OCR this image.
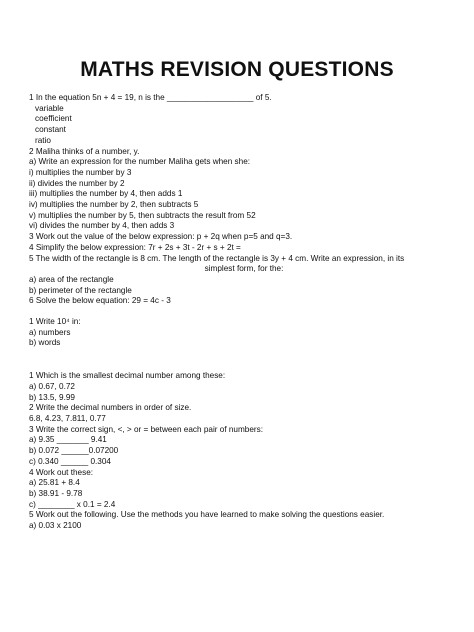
MATHS REVISION QUESTIONS
1 In the equation 5n + 4 = 19, n is the ___________________ of 5.
variable
coefficient
constant
ratio
2 Maliha thinks of a number, y.
a) Write an expression for the number Maliha gets when she:
i) multiplies the number by 3
ii) divides the number by 2
iii) multiplies the number by 4, then adds 1
iv) multiplies the number by 2, then subtracts 5
v) multiplies the number by 5, then subtracts the result from 52
vi) divides the number by 4, then adds 3
3 Work out the value of the below expression: p + 2q when p=5 and q=3.
4 Simplify the below expression: 7r + 2s + 3t - 2r + s + 2t =
5 The width of the rectangle is 8 cm. The length of the rectangle is 3y + 4 cm. Write an expression, in its
simplest form, for the:
a) area of the rectangle
b) perimeter of the rectangle
6 Solve the below equation: 29 = 4c - 3
1 Write 10⁴ in:
a) numbers
b) words
1 Which is the smallest decimal number among these:
a) 0.67, 0.72
b) 13.5, 9.99
2 Write the decimal numbers in order of size.
6.8, 4.23, 7.811, 0.77
3 Write the correct sign, <, > or = between each pair of numbers:
a) 9.35 _______ 9.41
b) 0.072 ______0.07200
c) 0.340 ______ 0.304
4 Work out these:
a) 25.81 + 8.4
b) 38.91 - 9.78
c) ________ x 0.1 = 2.4
5 Work out the following. Use the methods you have learned to make solving the questions easier.
a) 0.03 x 2100
